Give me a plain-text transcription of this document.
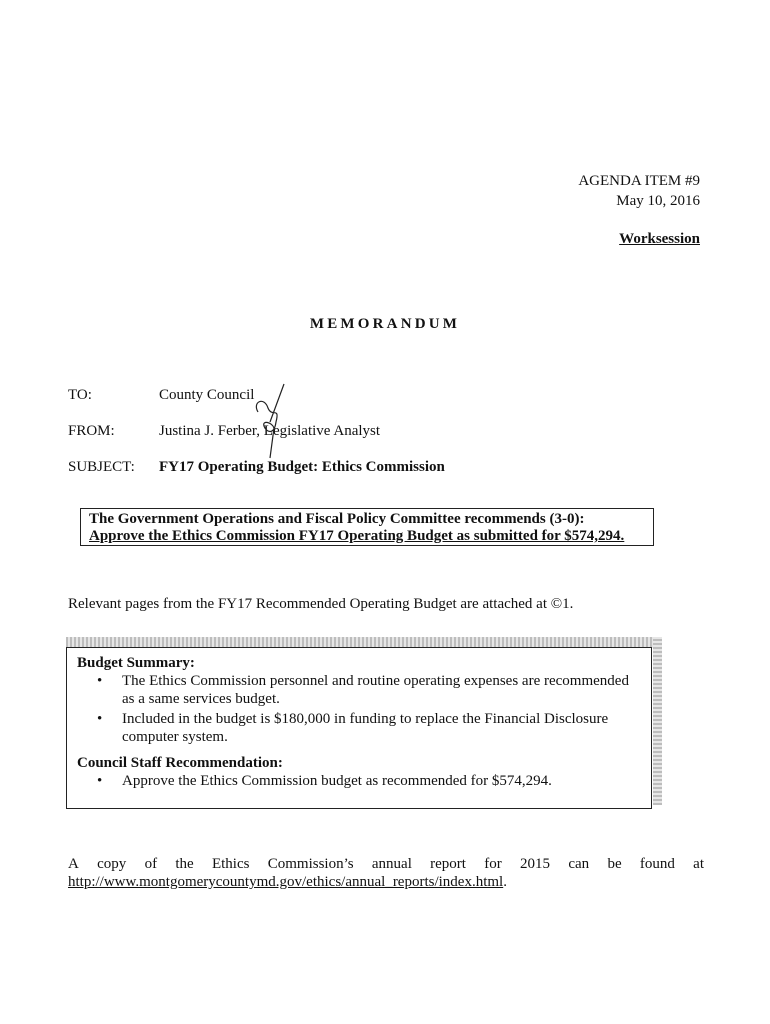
AGENDA ITEM #9
May 10, 2016
Worksession
MEMORANDUM
TO:	County Council
FROM:	Justina J. Ferber, Legislative Analyst
SUBJECT: FY17 Operating Budget: Ethics Commission
The Government Operations and Fiscal Policy Committee recommends (3-0):
Approve the Ethics Commission FY17 Operating Budget as submitted for $574,294.
Relevant pages from the FY17 Recommended Operating Budget are attached at ©1.
Budget Summary:
• The Ethics Commission personnel and routine operating expenses are recommended as a same services budget.
• Included in the budget is $180,000 in funding to replace the Financial Disclosure computer system.
Council Staff Recommendation:
• Approve the Ethics Commission budget as recommended for $574,294.
A copy of the Ethics Commission’s annual report for 2015 can be found at
http://www.montgomerycountymd.gov/ethics/annual_reports/index.html.
